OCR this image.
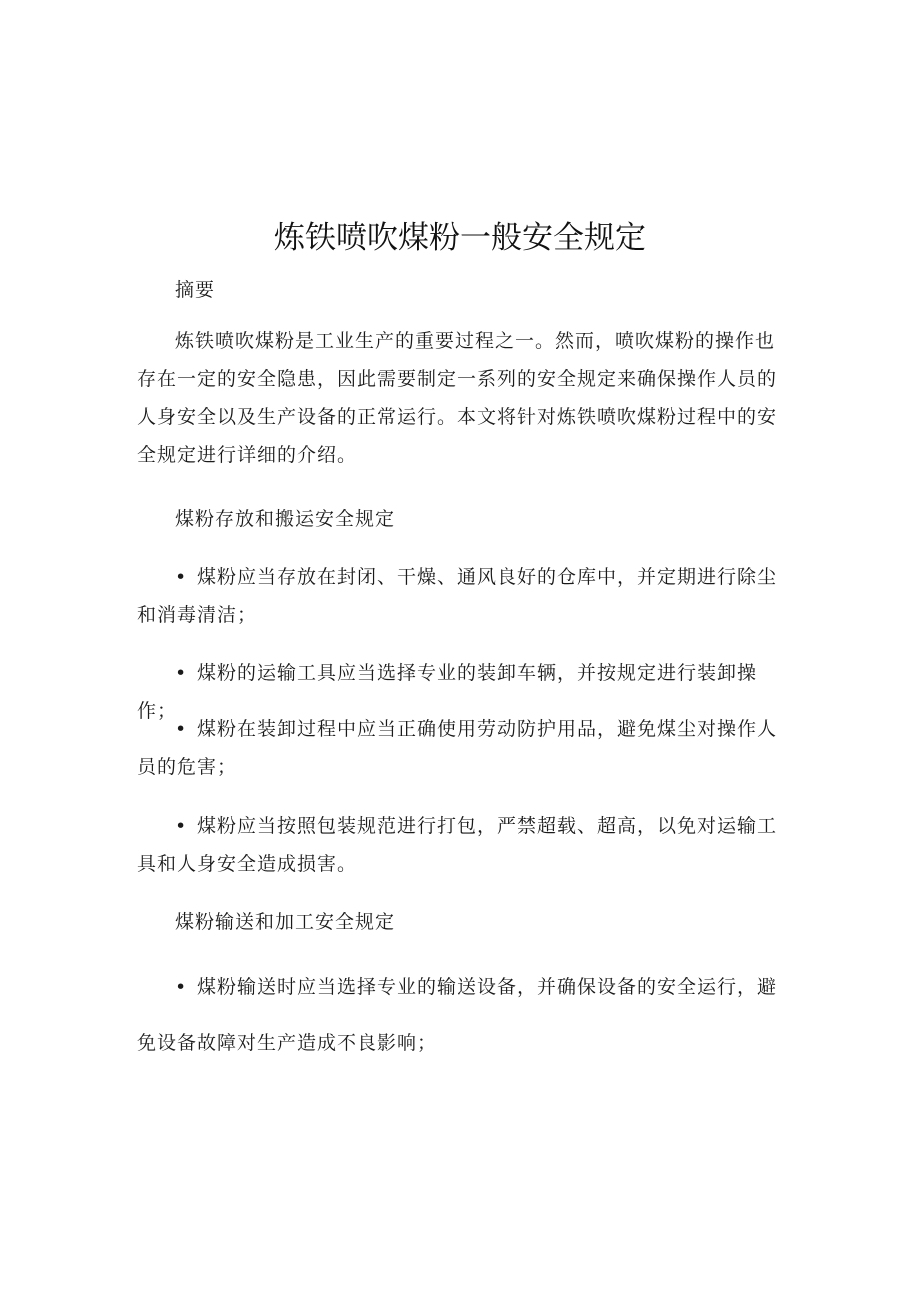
炼铁喷吹煤粉一般安全规定

摘要

炼铁喷吹煤粉是工业生产的重要过程之一。然而，喷吹煤粉的操作也存在一定的安全隐患，因此需要制定一系列的安全规定来确保操作人员的人身安全以及生产设备的正常运行。本文将针对炼铁喷吹煤粉过程中的安全规定进行详细的介绍。

煤粉存放和搬运安全规定

• 煤粉应当存放在封闭、干燥、通风良好的仓库中，并定期进行除尘和消毒清洁；

• 煤粉的运输工具应当选择专业的装卸车辆，并按规定进行装卸操作；

• 煤粉在装卸过程中应当正确使用劳动防护用品，避免煤尘对操作人员的危害；

• 煤粉应当按照包装规范进行打包，严禁超载、超高，以免对运输工具和人身安全造成损害。

煤粉输送和加工安全规定

• 煤粉输送时应当选择专业的输送设备，并确保设备的安全运行，避免设备故障对生产造成不良影响；
